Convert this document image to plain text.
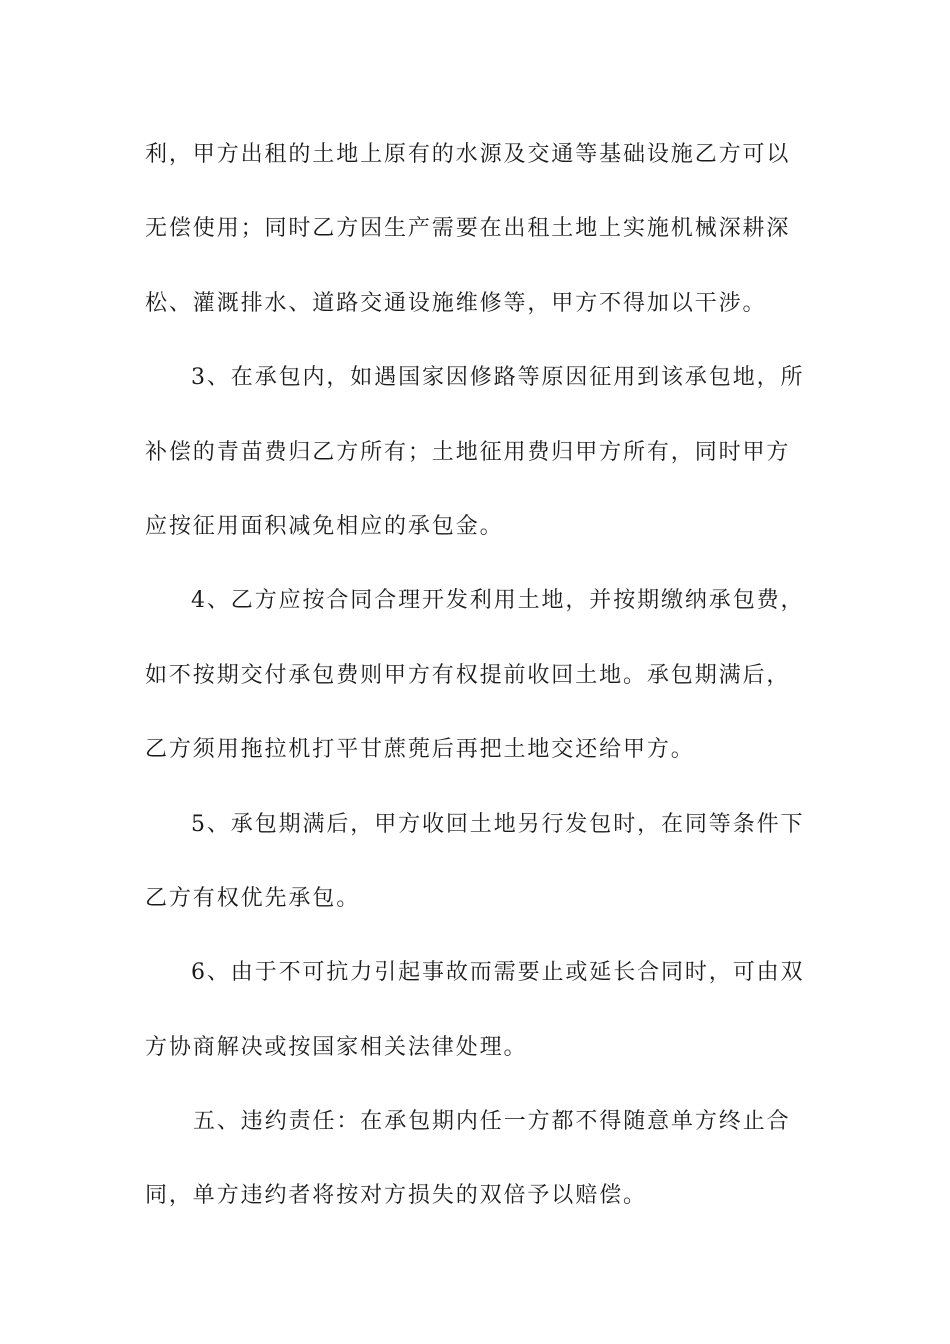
利，甲方出租的土地上原有的水源及交通等基础设施乙方可以
无偿使用；同时乙方因生产需要在出租土地上实施机械深耕深
松、灌溉排水、道路交通设施维修等，甲方不得加以干涉。
3、在承包内，如遇国家因修路等原因征用到该承包地，所
补偿的青苗费归乙方所有；土地征用费归甲方所有，同时甲方
应按征用面积减免相应的承包金。
4、乙方应按合同合理开发利用土地，并按期缴纳承包费，
如不按期交付承包费则甲方有权提前收回土地。承包期满后，
乙方须用拖拉机打平甘蔗蔸后再把土地交还给甲方。
5、承包期满后，甲方收回土地另行发包时，在同等条件下
乙方有权优先承包。
6、由于不可抗力引起事故而需要止或延长合同时，可由双
方协商解决或按国家相关法律处理。
五、违约责任：在承包期内任一方都不得随意单方终止合
同，单方违约者将按对方损失的双倍予以赔偿。
